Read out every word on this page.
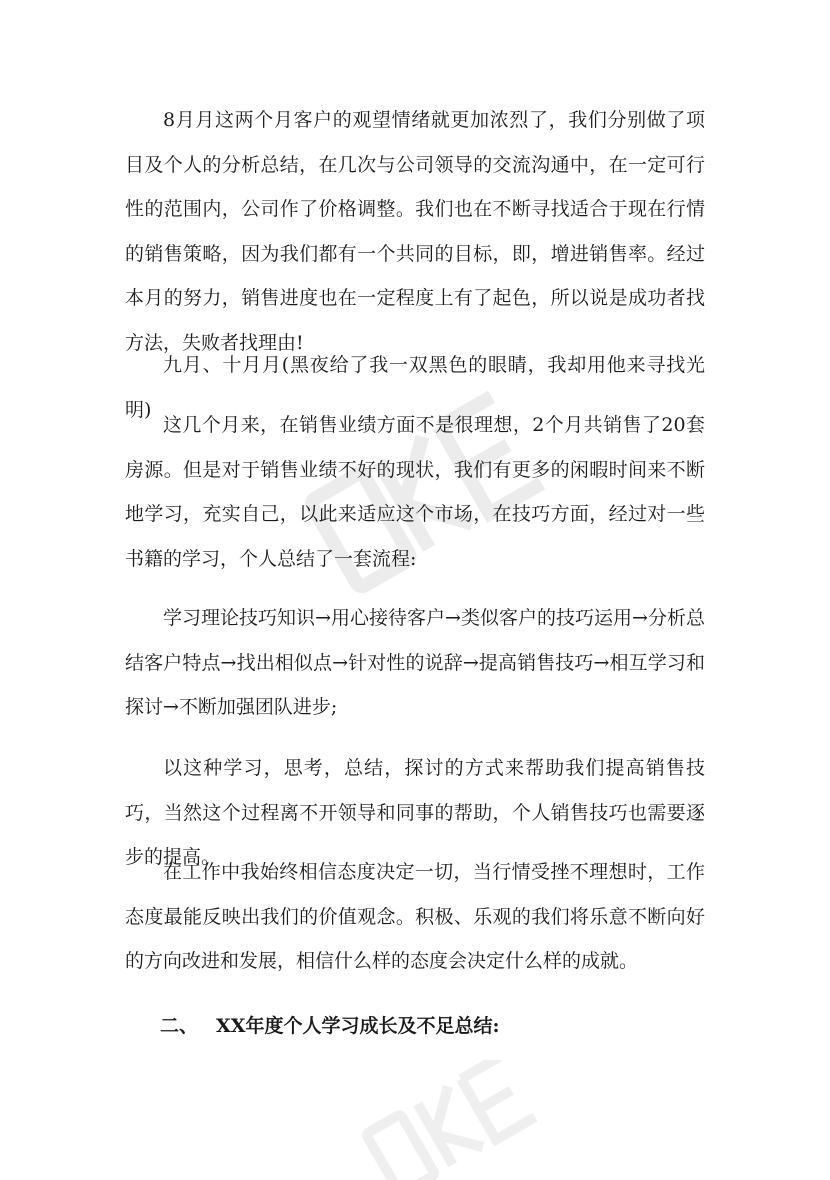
8月月这两个月客户的观望情绪就更加浓烈了，我们分别做了项目及个人的分析总结，在几次与公司领导的交流沟通中，在一定可行性的范围内，公司作了价格调整。我们也在不断寻找适合于现在行情的销售策略，因为我们都有一个共同的目标，即，增进销售率。经过本月的努力，销售进度也在一定程度上有了起色，所以说是成功者找方法，失败者找理由!

九月、十月月(黑夜给了我一双黑色的眼睛，我却用他来寻找光明)

这几个月来，在销售业绩方面不是很理想，2个月共销售了20套房源。但是对于销售业绩不好的现状，我们有更多的闲暇时间来不断地学习，充实自己，以此来适应这个市场，在技巧方面，经过对一些书籍的学习，个人总结了一套流程:

学习理论技巧知识→用心接待客户→类似客户的技巧运用→分析总结客户特点→找出相似点→针对性的说辞→提高销售技巧→相互学习和探讨→不断加强团队进步;

以这种学习，思考，总结，探讨的方式来帮助我们提高销售技巧，当然这个过程离不开领导和同事的帮助，个人销售技巧也需要逐步的提高。

在工作中我始终相信态度决定一切，当行情受挫不理想时，工作态度最能反映出我们的价值观念。积极、乐观的我们将乐意不断向好的方向改进和发展，相信什么样的态度会决定什么样的成就。

二、 XX年度个人学习成长及不足总结:
